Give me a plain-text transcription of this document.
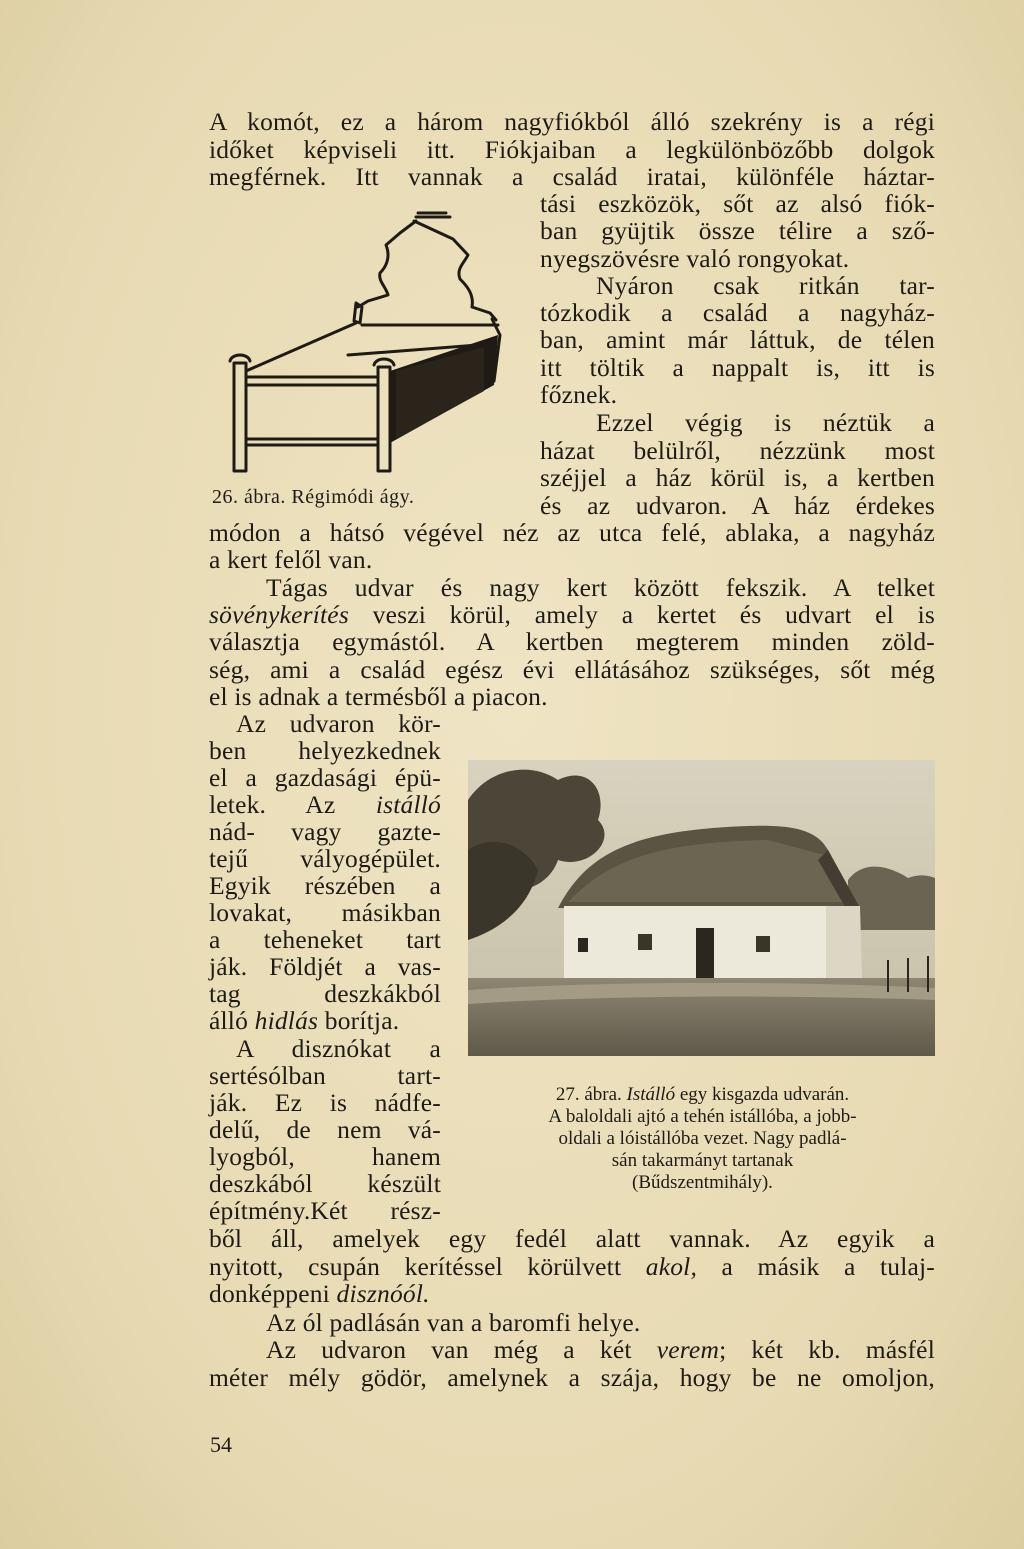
A komót, ez a három nagyfiókból álló szekrény is a régi
időket képviseli itt. Fiókjaiban a legkülönbözőbb dolgok
megférnek. Itt vannak a család iratai, különféle háztar-
tási eszközök, sőt az alsó fiók-
ban gyüjtik össze télire a sző-
nyegszövésre való rongyokat.
Nyáron csak ritkán tar-
tózkodik a család a nagyház-
ban, amint már láttuk, de télen
itt töltik a nappalt is, itt is
főznek.
Ezzel végig is néztük a
házat belülről, nézzünk most
széjjel a ház körül is, a kertben
és az udvaron. A ház érdekes
módon a hátsó végével néz az utca felé, ablaka, a nagyház
a kert felől van.
26. ábra. Régimódi ágy.
Tágas udvar és nagy kert között fekszik. A telket
sövénykerítés veszi körül, amely a kertet és udvart el is
választja egymástól. A kertben megterem minden zöld-
ség, ami a család egész évi ellátásához szükséges, sőt még
el is adnak a termésből a piacon.
Az udvaron kör-
ben helyezkednek
el a gazdasági épü-
letek. Az istálló
nád- vagy gazte-
tejű vályogépület.
Egyik részében a
lovakat, másikban
a teheneket tart
ják. Földjét a vas-
tag deszkákból
álló hidlás borítja.
A disznókat a
sertésólban tart-
ják. Ez is nádfe-
delű, de nem vá-
lyogból, hanem
deszkából készült
építmény.Két rész-
27. ábra. Istálló egy kisgazda udvarán.
A baloldali ajtó a tehén istállóba, a jobb-
oldali a lóistállóba vezet. Nagy padlá-
sán takarmányt tartanak
(Bűdszentmihály).
ből áll, amelyek egy fedél alatt vannak. Az egyik a
nyitott, csupán kerítéssel körülvett akol, a másik a tulaj-
donképpeni disznóól.
Az ól padlásán van a baromfi helye.
Az udvaron van még a két verem; két kb. másfél
méter mély gödör, amelynek a szája, hogy be ne omoljon,
54
